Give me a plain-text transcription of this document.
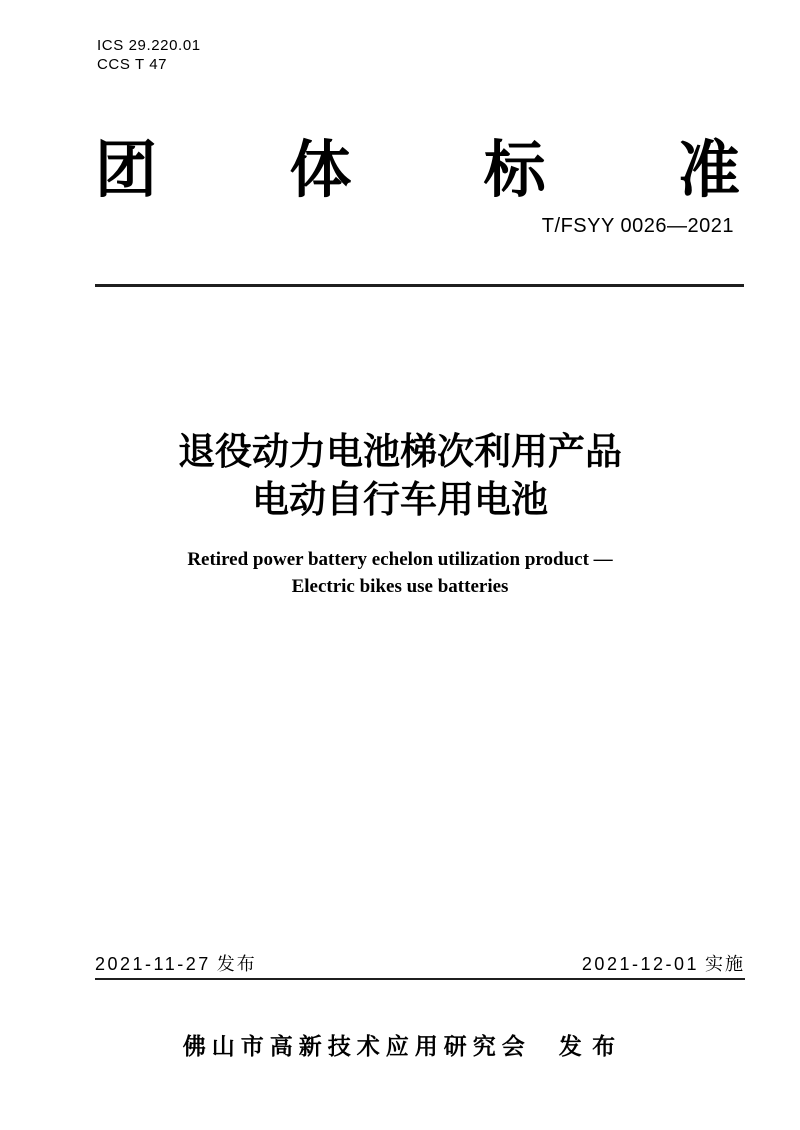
ICS 29.220.01
CCS T 47
团 体 标 准
T/FSYY 0026—2021
退役动力电池梯次利用产品
电动自行车用电池
Retired power battery echelon utilization product —
Electric bikes use batteries
2021-11-27 发布	2021-12-01 实施
佛山市高新技术应用研究会 发 布
